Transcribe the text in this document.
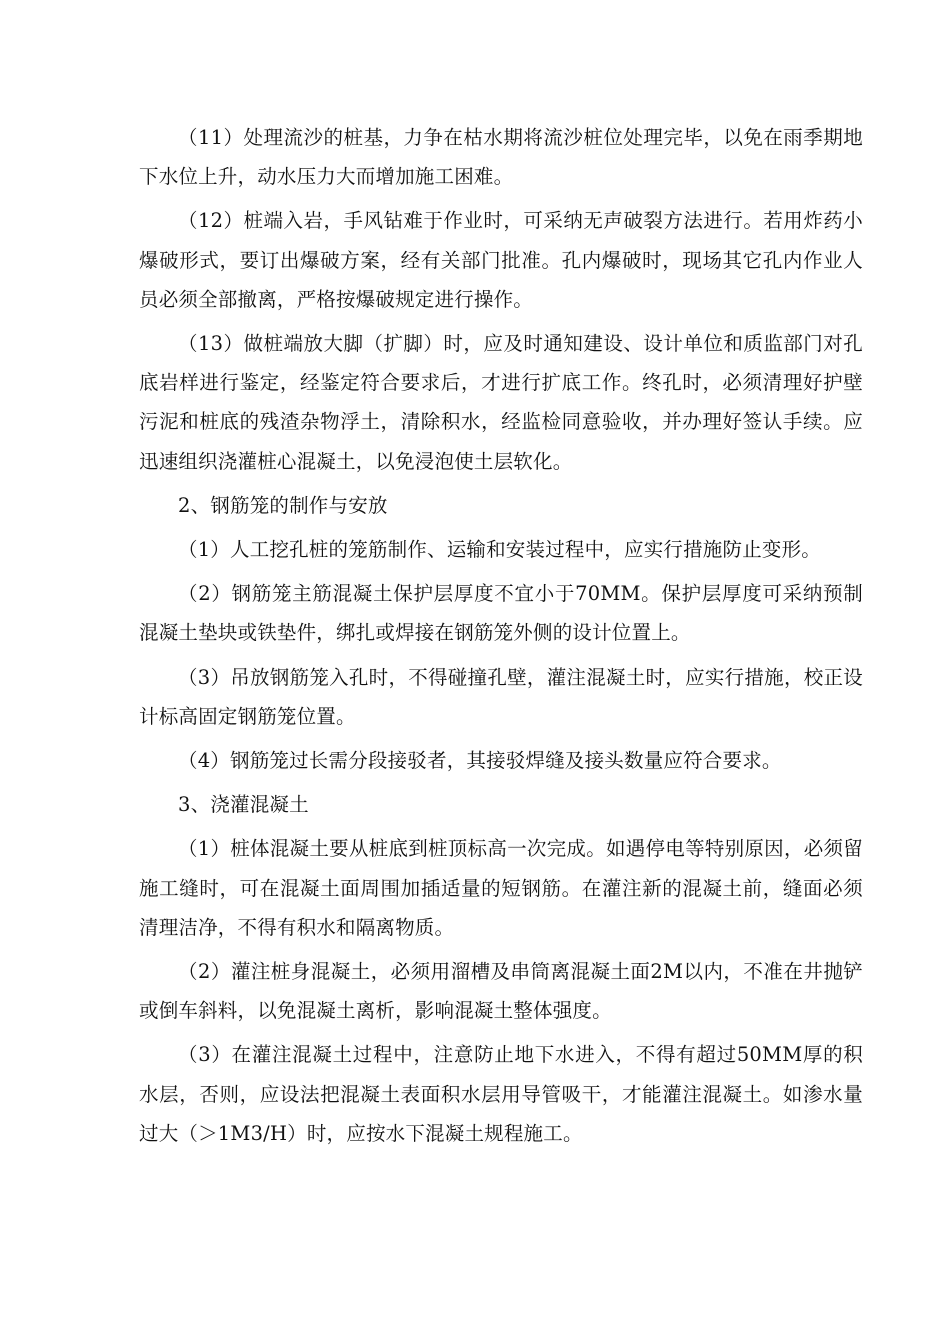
（11）处理流沙的桩基，力争在枯水期将流沙桩位处理完毕，以免在雨季期地下水位上升，动水压力大而增加施工困难。

（12）桩端入岩，手风钻难于作业时，可采纳无声破裂方法进行。若用炸药小爆破形式，要订出爆破方案，经有关部门批准。孔内爆破时，现场其它孔内作业人员必须全部撤离，严格按爆破规定进行操作。

（13）做桩端放大脚（扩脚）时，应及时通知建设、设计单位和质监部门对孔底岩样进行鉴定，经鉴定符合要求后，才进行扩底工作。终孔时，必须清理好护壁污泥和桩底的残渣杂物浮土，清除积水，经监检同意验收，并办理好签认手续。应迅速组织浇灌桩心混凝土，以免浸泡使土层软化。

2、钢筋笼的制作与安放

（1）人工挖孔桩的笼筋制作、运输和安装过程中，应实行措施防止变形。

（2）钢筋笼主筋混凝土保护层厚度不宜小于70MM。保护层厚度可采纳预制混凝土垫块或铁垫件，绑扎或焊接在钢筋笼外侧的设计位置上。

（3）吊放钢筋笼入孔时，不得碰撞孔壁，灌注混凝土时，应实行措施，校正设计标高固定钢筋笼位置。

（4）钢筋笼过长需分段接驳者，其接驳焊缝及接头数量应符合要求。

3、浇灌混凝土

（1）桩体混凝土要从桩底到桩顶标高一次完成。如遇停电等特别原因，必须留施工缝时，可在混凝土面周围加插适量的短钢筋。在灌注新的混凝土前，缝面必须清理洁净，不得有积水和隔离物质。

（2）灌注桩身混凝土，必须用溜槽及串筒离混凝土面2M以内，不准在井抛铲或倒车斜料，以免混凝土离析，影响混凝土整体强度。

（3）在灌注混凝土过程中，注意防止地下水进入，不得有超过50MM厚的积水层，否则，应设法把混凝土表面积水层用导管吸干，才能灌注混凝土。如渗水量过大（＞1M3/H）时，应按水下混凝土规程施工。
